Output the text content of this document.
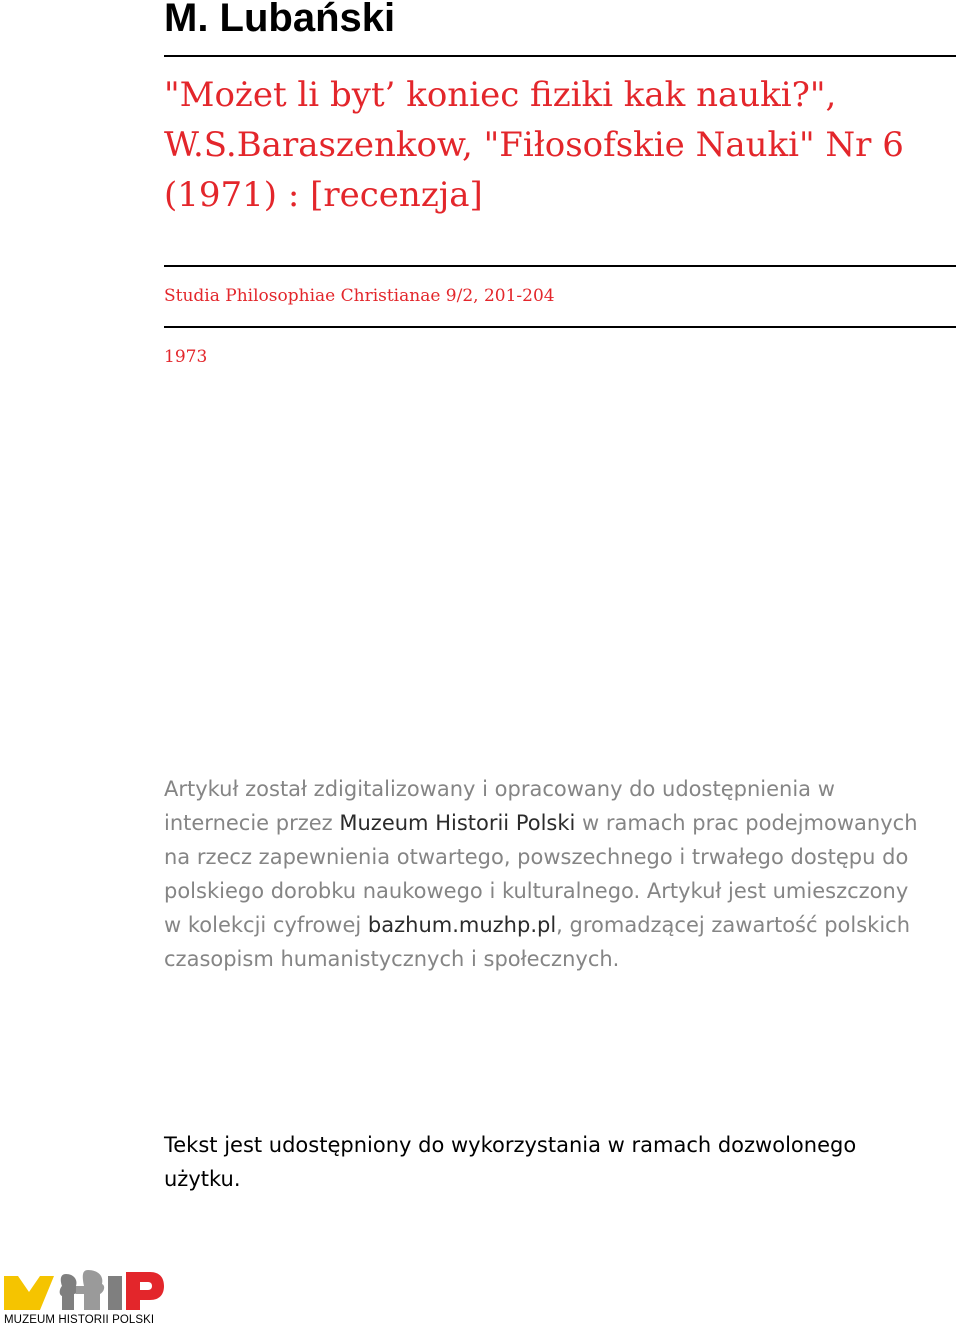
M. Lubański
"Możet li byt’ koniec fiziki kak nauki?", W.S.Baraszenkow, "Fiłosofskie Nauki" Nr 6 (1971) : [recenzja]

Studia Philosophiae Christianae 9/2, 201-204

1973

Artykuł został zdigitalizowany i opracowany do udostępnienia w internecie przez Muzeum Historii Polski w ramach prac podejmowanych na rzecz zapewnienia otwartego, powszechnego i trwałego dostępu do polskiego dorobku naukowego i kulturalnego. Artykuł jest umieszczony w kolekcji cyfrowej bazhum.muzhp.pl, gromadzącej zawartość polskich czasopism humanistycznych i społecznych.

Tekst jest udostępniony do wykorzystania w ramach dozwolonego użytku.

MUZEUM HISTORII POLSKI
